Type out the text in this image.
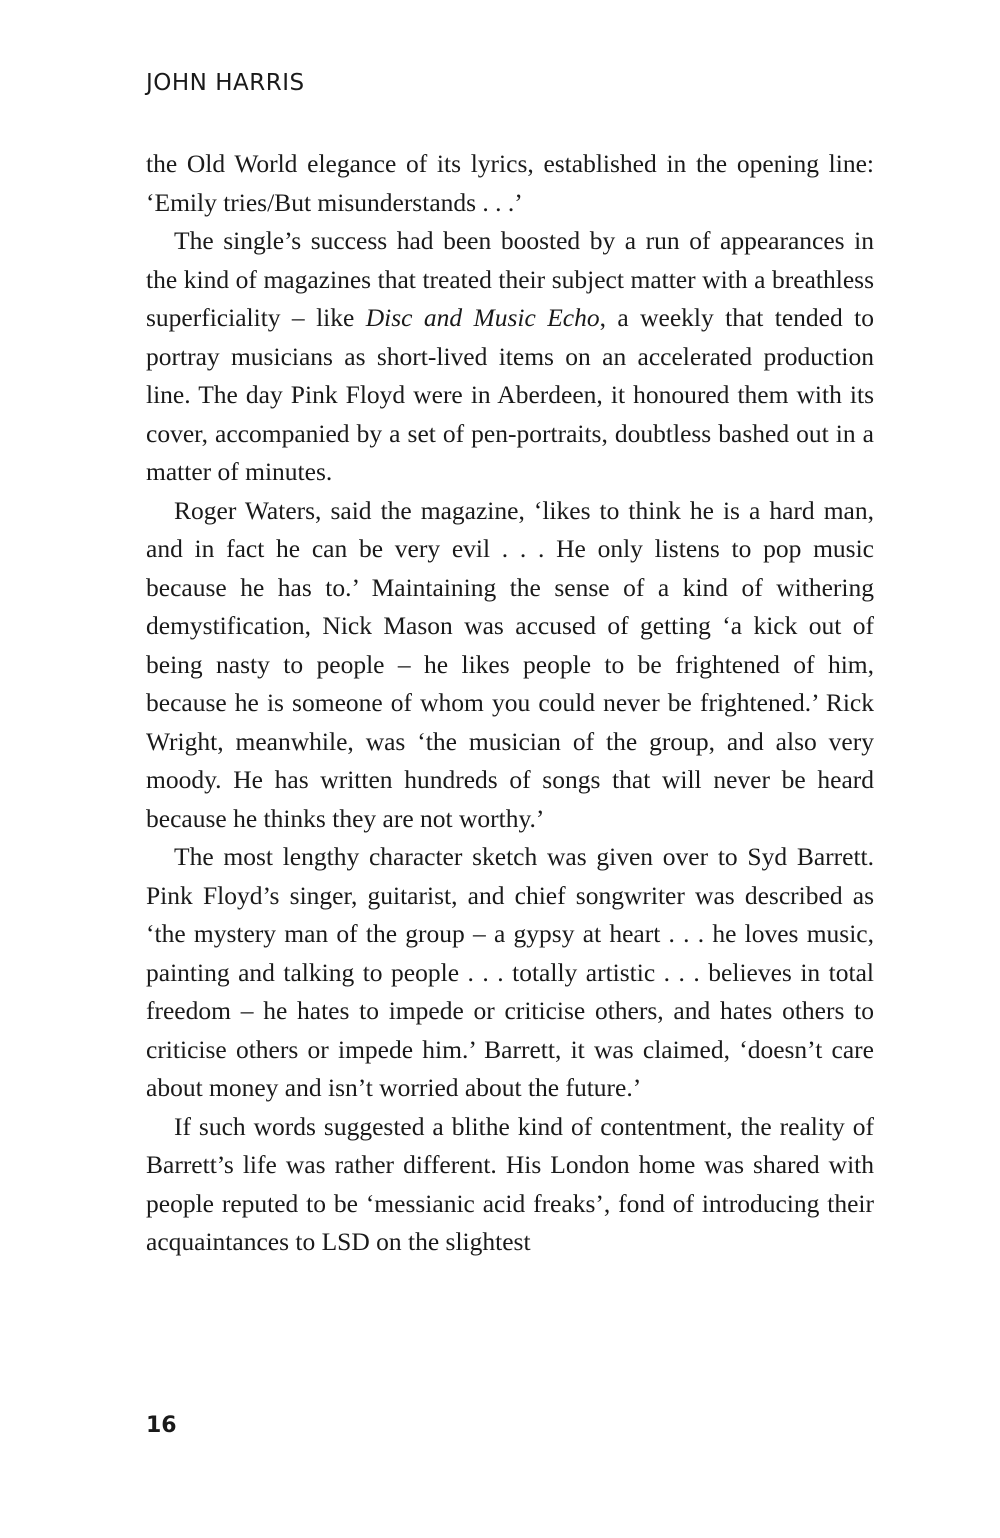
JOHN HARRIS

the Old World elegance of its lyrics, established in the opening line: ‘Emily tries/But misunderstands . . .’

The single’s success had been boosted by a run of appearances in the kind of magazines that treated their subject matter with a breathless superficiality – like Disc and Music Echo, a weekly that tended to portray musicians as short-lived items on an accelerated production line. The day Pink Floyd were in Aberdeen, it honoured them with its cover, accompanied by a set of pen-portraits, doubtless bashed out in a matter of minutes.

Roger Waters, said the magazine, ‘likes to think he is a hard man, and in fact he can be very evil . . . He only listens to pop music because he has to.’ Maintaining the sense of a kind of withering demystification, Nick Mason was accused of getting ‘a kick out of being nasty to people – he likes people to be frightened of him, because he is someone of whom you could never be frightened.’ Rick Wright, meanwhile, was ‘the musician of the group, and also very moody. He has written hundreds of songs that will never be heard because he thinks they are not worthy.’

The most lengthy character sketch was given over to Syd Barrett. Pink Floyd’s singer, guitarist, and chief songwriter was described as ‘the mystery man of the group – a gypsy at heart . . . he loves music, painting and talking to people . . . totally artistic . . . believes in total freedom – he hates to impede or criticise others, and hates others to criticise others or impede him.’ Barrett, it was claimed, ‘doesn’t care about money and isn’t worried about the future.’

If such words suggested a blithe kind of contentment, the reality of Barrett’s life was rather different. His London home was shared with people reputed to be ‘messianic acid freaks’, fond of introducing their acquaintances to LSD on the slightest

16
